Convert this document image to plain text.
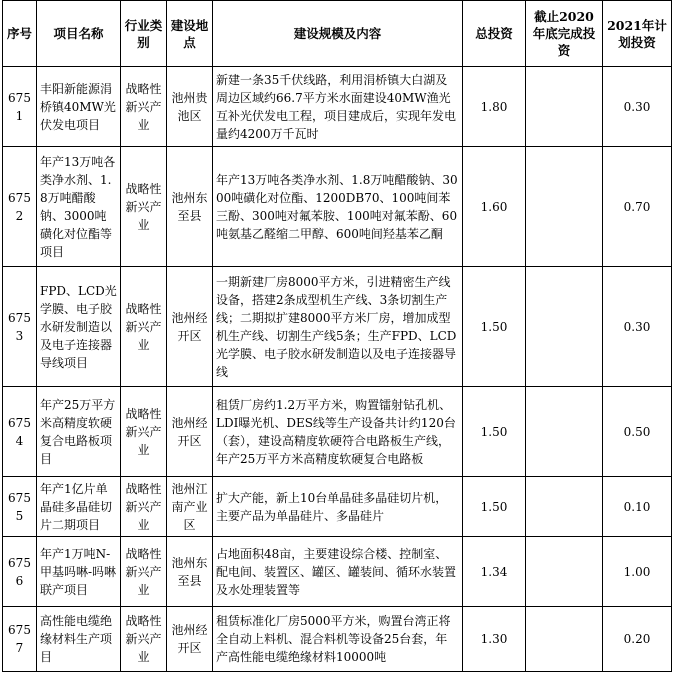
序号	项目名称	行业类别	建设地点	建设规模及内容	总投资	截止2020年底完成投资	2021年计划投资
6751	丰阳新能源涓桥镇40MW光伏发电项目	战略性新兴产业	池州贵池区	新建一条35千伏线路，利用涓桥镇大白湖及周边区域约66.7平方米水面建设40MW渔光互补光伏发电工程，项目建成后，实现年发电量约4200万千瓦时	1.80		0.30
6752	年产13万吨各类净水剂、1.8万吨醋酸钠、3000吨磺化对位酯等项目	战略性新兴产业	池州东至县	年产13万吨各类净水剂、1.8万吨醋酸钠、3000吨磺化对位酯、1200DB70、100吨间苯三酚、300吨对氟苯胺、100吨对氟苯酚、60吨氨基乙醛缩二甲醇、600吨间羟基苯乙酮	1.60		0.70
6753	FPD、LCD光学膜、电子胶水研发制造以及电子连接器导线项目	战略性新兴产业	池州经开区	一期新建厂房8000平方米，引进精密生产线设备，搭建2条成型机生产线、3条切割生产线；二期拟扩建8000平方米厂房，增加成型机生产线、切割生产线5条；生产FPD、LCD光学膜、电子胶水研发制造以及电子连接器导线	1.50		0.30
6754	年产25万平方米高精度软硬复合电路板项目	战略性新兴产业	池州经开区	租赁厂房约1.2万平方米，购置镭射钻孔机、LDI曝光机、DES线等生产设备共计约120台（套），建设高精度软硬符合电路板生产线，年产25万平方米高精度软硬复合电路板	1.50		0.50
6755	年产1亿片单晶硅多晶硅切片二期项目	战略性新兴产业	池州江南产业区	扩大产能，新上10台单晶硅多晶硅切片机，主要产品为单晶硅片、多晶硅片	1.50		0.10
6756	年产1万吨N-甲基吗啉-吗啉联产项目	战略性新兴产业	池州东至县	占地面积48亩，主要建设综合楼、控制室、配电间、装置区、罐区、罐装间、循环水装置及水处理装置等	1.34		1.00
6757	高性能电缆绝缘材料生产项目	战略性新兴产业	池州经开区	租赁标准化厂房5000平方米，购置台湾正将全自动上料机、混合料机等设备25台套，年产高性能电缆绝缘材料10000吨	1.30		0.20
